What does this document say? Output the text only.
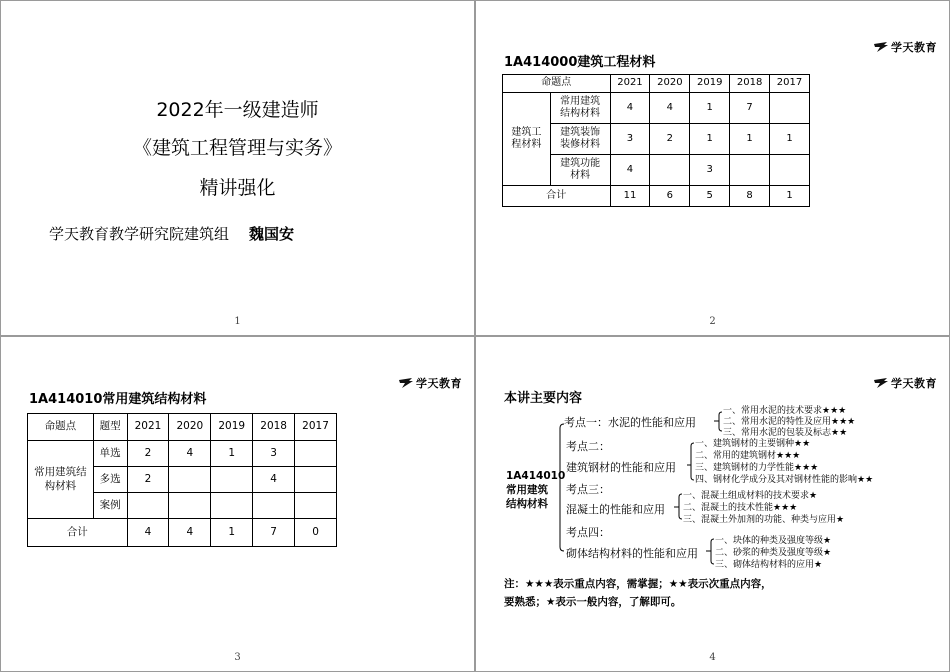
2022年一级建造师
《建筑工程管理与实务》
精讲强化
学天教育教学研究院建筑组 魏国安
1
学天教育
1A414000建筑工程材料
命题点		2021	2020	2019	2018	2017
建筑工程材料	常用建筑结构材料	4	4	1	7	
	建筑装饰装修材料	3	2	1	1	1
	建筑功能材料	4		3		
合计		11	6	5	8	1
2
学天教育
1A414010常用建筑结构材料
命题点	题型	2021	2020	2019	2018	2017
常用建筑结构材料	单选	2	4	1	3	
	多选	2			4	
	案例					
合计		4	4	1	7	0
3
学天教育
本讲主要内容
1A414010常用建筑结构材料
考点一：水泥的性能和应用
一、常用水泥的技术要求★★★
二、常用水泥的特性及应用★★★
三、常用水泥的包装及标志★★
考点二：
建筑钢材的性能和应用
一、建筑钢材的主要钢种★★
二、常用的建筑钢材★★★
三、建筑钢材的力学性能★★★
四、钢材化学成分及其对钢材性能的影响★★
考点三：
混凝土的性能和应用
一、混凝土组成材料的技术要求★
二、混凝土的技术性能★★★
三、混凝土外加剂的功能、种类与应用★
考点四：
砌体结构材料的性能和应用
一、块体的种类及强度等级★
二、砂浆的种类及强度等级★
三、砌体结构材料的应用★
注：★★★表示重点内容，需掌握；★★表示次重点内容，
要熟悉；★表示一般内容，了解即可。
4
